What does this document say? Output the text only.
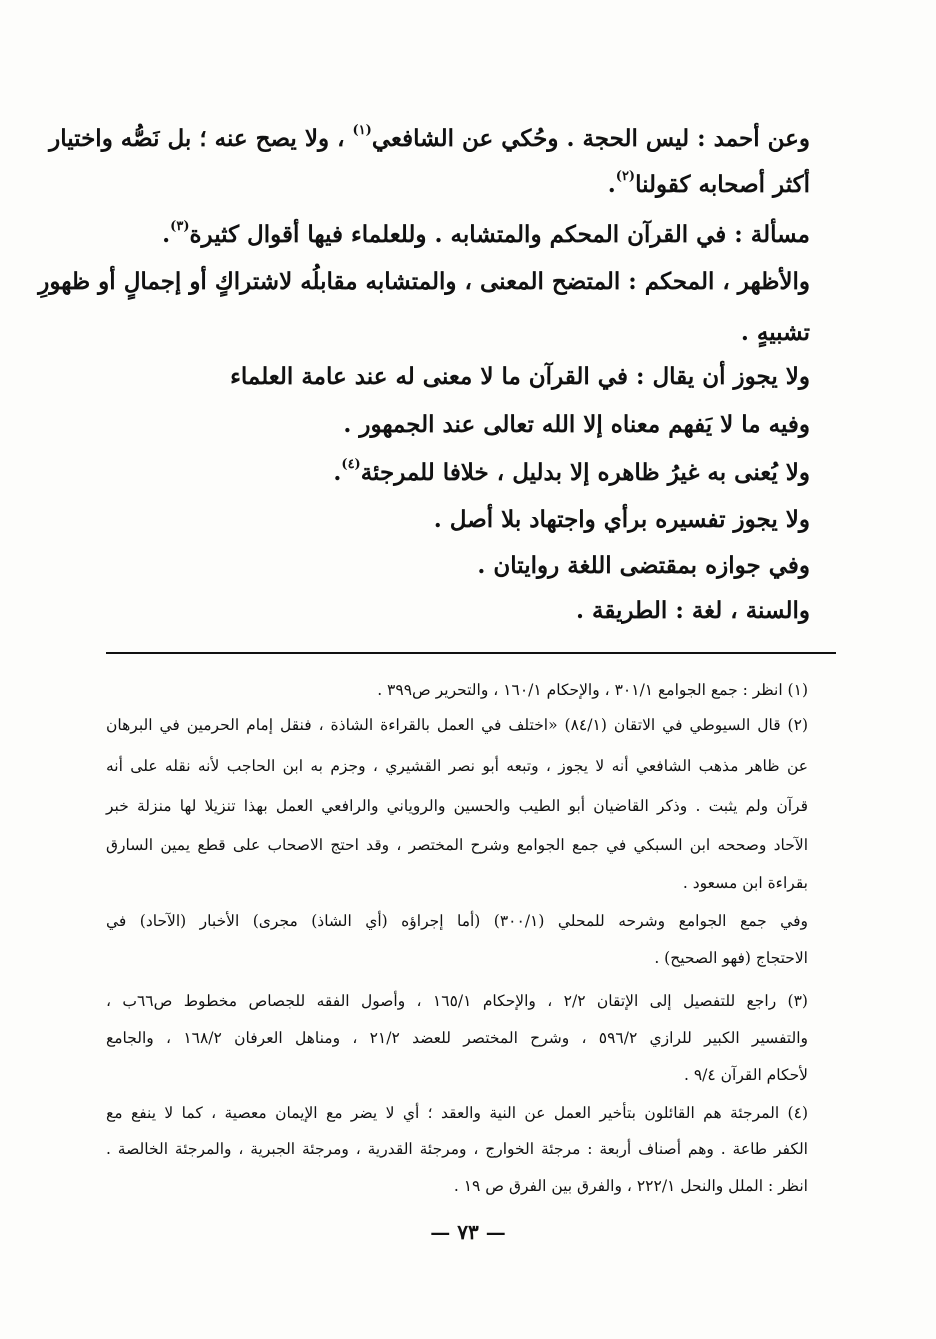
وعن أحمد : ليس الحجة . وحُكي عن الشافعي$^{(١)}$ ، ولا يصح عنه ؛ بل نَصُّه واختيار
أكثر أصحابه كقولنا$^{(٢)}$.
مسألة : في القرآن المحكم والمتشابه . وللعلماء فيها أقوال كثيرة$^{(٣)}$.
والأظهر ، المحكم : المتضح المعنى ، والمتشابه مقابلُه لاشتراكٍ أو إجمالٍ أو ظهورِ
تشبيهٍ .
ولا يجوز أن يقال : في القرآن ما لا معنى له عند عامة العلماء
وفيه ما لا يَفهم معناه إلا الله تعالى عند الجمهور .
ولا يُعنى به غيرُ ظاهره إلا بدليل ، خلافا للمرجئة$^{(٤)}$.
ولا يجوز تفسيره برأي واجتهاد بلا أصل .
وفي جوازه بمقتضى اللغة روايتان .
والسنة ، لغة : الطريقة .
(١) انظر : جمع الجوامع ٣٠١/١ ، والإحكام ١٦٠/١ ، والتحرير ص٣٩٩ .
(٢) قال السيوطي في الاتقان (٨٤/١) «اختلف في العمل بالقراءة الشاذة ، فنقل إمام الحرمين في البرهان
عن ظاهر مذهب الشافعي أنه لا يجوز ، وتبعه أبو نصر القشيري ، وجزم به ابن الحاجب لأنه نقله على أنه
قرآن ولم يثبت . وذكر القاضيان أبو الطيب والحسين والروياني والرافعي العمل بهذا تنزيلا لها منزلة خبر
الآحاد وصححه ابن السبكي في جمع الجوامع وشرح المختصر ، وقد احتج الاصحاب على قطع يمين السارق
بقراءة ابن مسعود .
وفي جمع الجوامع وشرحه للمحلي (٣٠٠/١) (أما إجراؤه (أي الشاذ) مجرى) الأخبار (الآحاد) في
الاحتجاج (فهو الصحيح) .
(٣) راجع للتفصيل إلى الإتقان ٢/٢ ، والإحكام ١٦٥/١ ، وأصول الفقه للجصاص مخطوط ص٦٦ب ،
والتفسير الكبير للرازي ٥٩٦/٢ ، وشرح المختصر للعضد ٢١/٢ ، ومناهل العرفان ١٦٨/٢ ، والجامع
لأحكام القرآن ٩/٤ .
(٤) المرجئة هم القائلون بتأخير العمل عن النية والعقد ؛ أي لا يضر مع الإيمان معصية ، كما لا ينفع مع
الكفر طاعة . وهم أصناف أربعة : مرجئة الخوارج ، ومرجئة القدرية ، ومرجئة الجبرية ، والمرجئة الخالصة .
انظر : الملل والنحل ٢٢٢/١ ، والفرق بين الفرق ص ١٩ .
— ٧٣ —
